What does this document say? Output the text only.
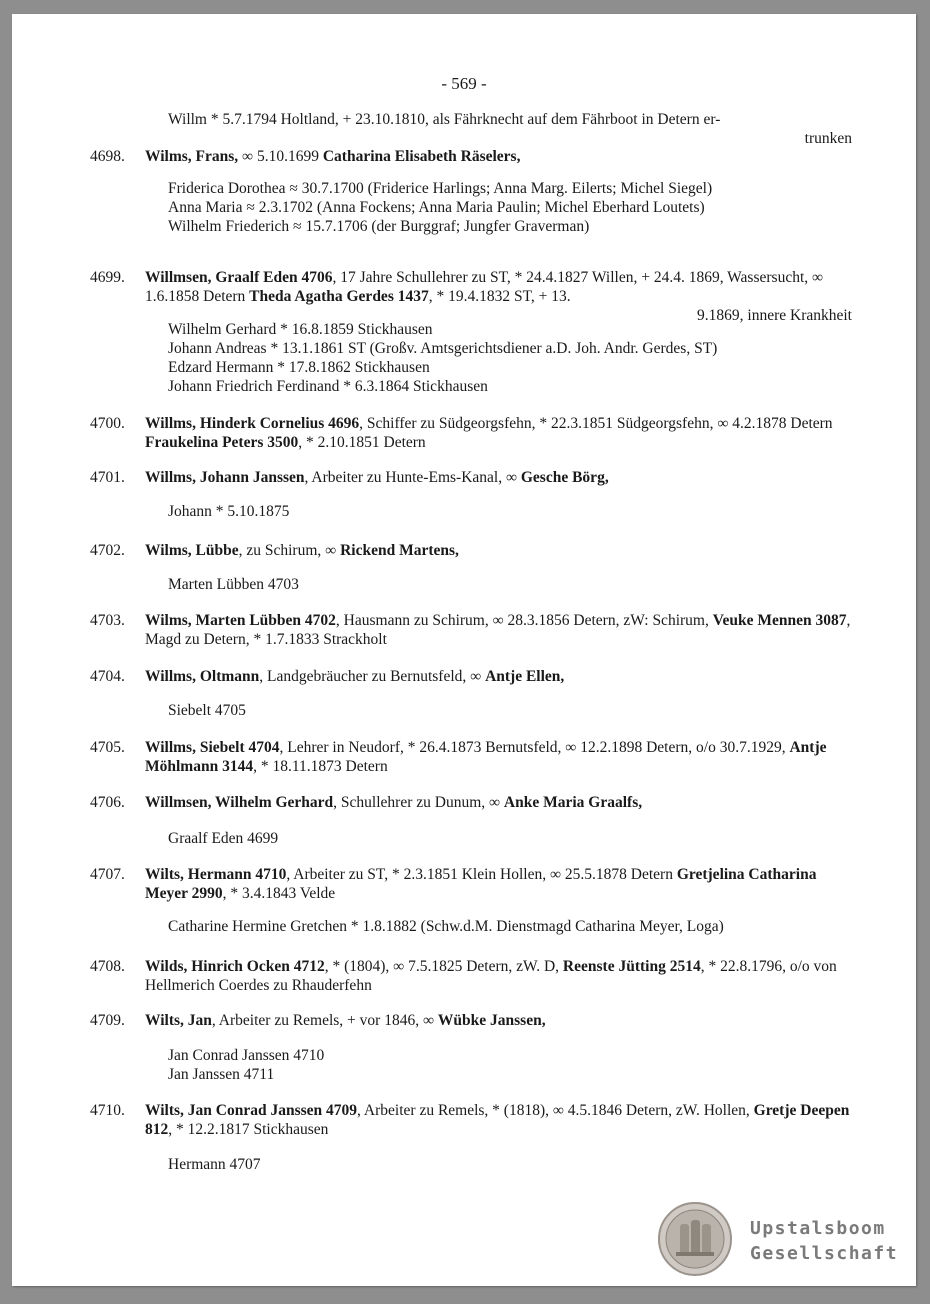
- 569 -
Willm * 5.7.1794 Holtland, + 23.10.1810, als Fährknecht auf dem Fährboot in Detern er-
trunken
4698. Wilms, Frans, ∞ 5.10.1699 Catharina Elisabeth Räselers,
Friderica Dorothea ≈ 30.7.1700 (Friderice Harlings; Anna Marg. Eilerts; Michel Siegel)
Anna Maria ≈ 2.3.1702 (Anna Fockens; Anna Maria Paulin; Michel Eberhard Loutets)
Wilhelm Friederich ≈ 15.7.1706 (der Burggraf; Jungfer Graverman)
4699. Willmsen, Graalf Eden 4706, 17 Jahre Schullehrer zu ST, * 24.4.1827 Willen, + 24.4. 1869, Wassersucht, ∞ 1.6.1858 Detern Theda Agatha Gerdes 1437, * 19.4.1832 ST, + 13.
9.1869, innere Krankheit
Wilhelm Gerhard * 16.8.1859 Stickhausen
Johann Andreas * 13.1.1861 ST (Großv. Amtsgerichtsdiener a.D. Joh. Andr. Gerdes, ST)
Edzard Hermann * 17.8.1862 Stickhausen
Johann Friedrich Ferdinand * 6.3.1864 Stickhausen
4700. Willms, Hinderk Cornelius 4696, Schiffer zu Südgeorgsfehn, * 22.3.1851 Südgeorgsfehn, ∞ 4.2.1878 Detern Fraukelina Peters 3500, * 2.10.1851 Detern
4701. Willms, Johann Janssen, Arbeiter zu Hunte-Ems-Kanal, ∞ Gesche Börg,
Johann * 5.10.1875
4702. Wilms, Lübbe, zu Schirum, ∞ Rickend Martens,
Marten Lübben 4703
4703. Wilms, Marten Lübben 4702, Hausmann zu Schirum, ∞ 28.3.1856 Detern, zW: Schirum, Veuke Mennen 3087, Magd zu Detern, * 1.7.1833 Strackholt
4704. Willms, Oltmann, Landgebräucher zu Bernutsfeld, ∞ Antje Ellen,
Siebelt 4705
4705. Willms, Siebelt 4704, Lehrer in Neudorf, * 26.4.1873 Bernutsfeld, ∞ 12.2.1898 Detern, o/o 30.7.1929, Antje Möhlmann 3144, * 18.11.1873 Detern
4706. Willmsen, Wilhelm Gerhard, Schullehrer zu Dunum, ∞ Anke Maria Graalfs,
Graalf Eden 4699
4707. Wilts, Hermann 4710, Arbeiter zu ST, * 2.3.1851 Klein Hollen, ∞ 25.5.1878 Detern Gretjelina Catharina Meyer 2990, * 3.4.1843 Velde
Catharine Hermine Gretchen * 1.8.1882 (Schw.d.M. Dienstmagd Catharina Meyer, Loga)
4708. Wilds, Hinrich Ocken 4712, * (1804), ∞ 7.5.1825 Detern, zW. D, Reenste Jütting 2514, * 22.8.1796, o/o von Hellmerich Coerdes zu Rhauderfehn
4709. Wilts, Jan, Arbeiter zu Remels, + vor 1846, ∞ Wübke Janssen,
Jan Conrad Janssen 4710
Jan Janssen 4711
4710. Wilts, Jan Conrad Janssen 4709, Arbeiter zu Remels, * (1818), ∞ 4.5.1846 Detern, zW. Hollen, Gretje Deepen 812, * 12.2.1817 Stickhausen
Hermann 4707
Upstalsboom
Gesellschaft
